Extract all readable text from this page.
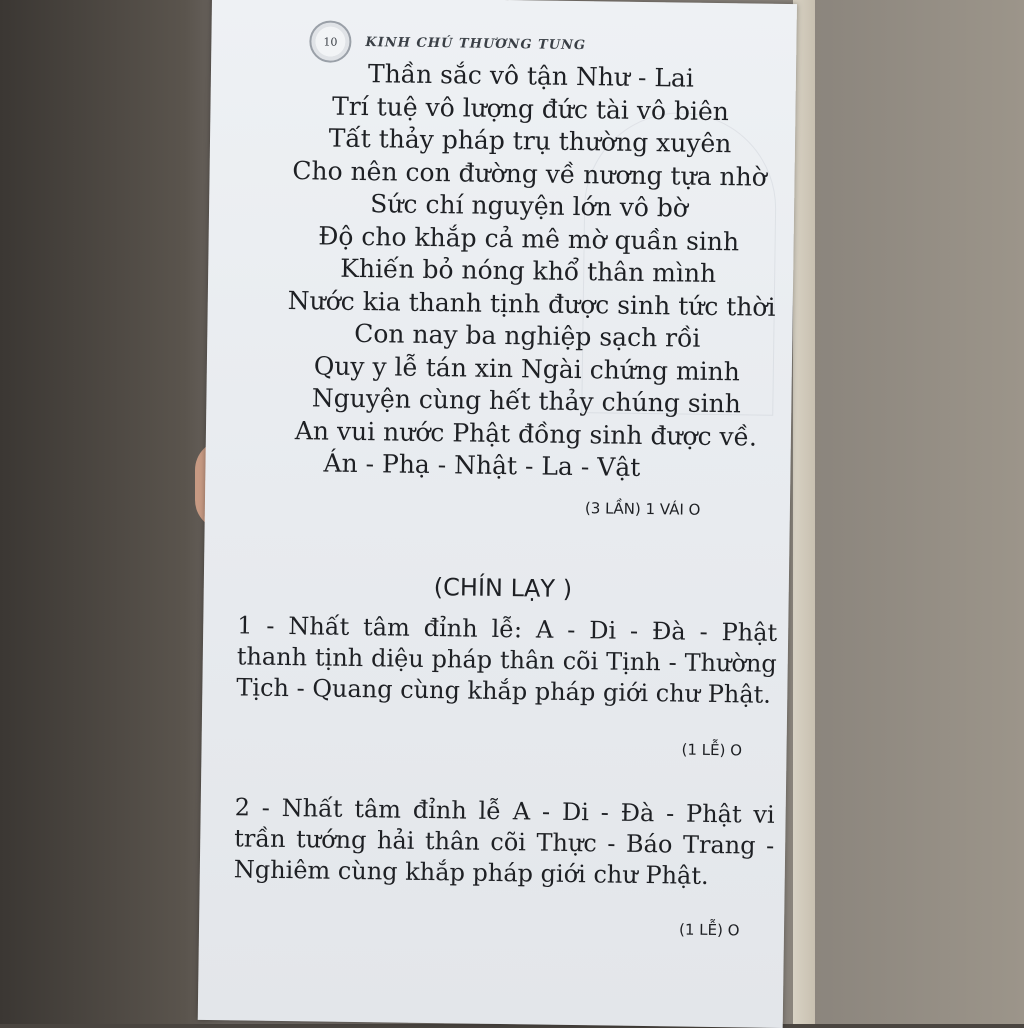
10 KINH CHÚ THƯƠNG TUNG
Thần sắc vô tận Như - Lai
Trí tuệ vô lượng đức tài vô biên
Tất thảy pháp trụ thường xuyên
Cho nên con đường về nương tựa nhờ
Sức chí nguyện lớn vô bờ
Độ cho khắp cả mê mờ quần sinh
Khiến bỏ nóng khổ thân mình
Nước kia thanh tịnh được sinh tức thời
Con nay ba nghiệp sạch rồi
Quy y lễ tán xin Ngài chứng minh
Nguyện cùng hết thảy chúng sinh
An vui nước Phật đồng sinh được về.
Án - Phạ - Nhật - La - Vật
(3 LẦN) 1 VÁI O
(CHÍN LẠY )
1 - Nhất tâm đỉnh lễ: A - Di - Đà - Phật thanh tịnh diệu pháp thân cõi Tịnh - Thường Tịch - Quang cùng khắp pháp giới chư Phật.
(1 LỄ) O
2 - Nhất tâm đỉnh lễ A - Di - Đà - Phật vi trần tướng hải thân cõi Thực - Báo Trang - Nghiêm cùng khắp pháp giới chư Phật.
(1 LỄ) O
